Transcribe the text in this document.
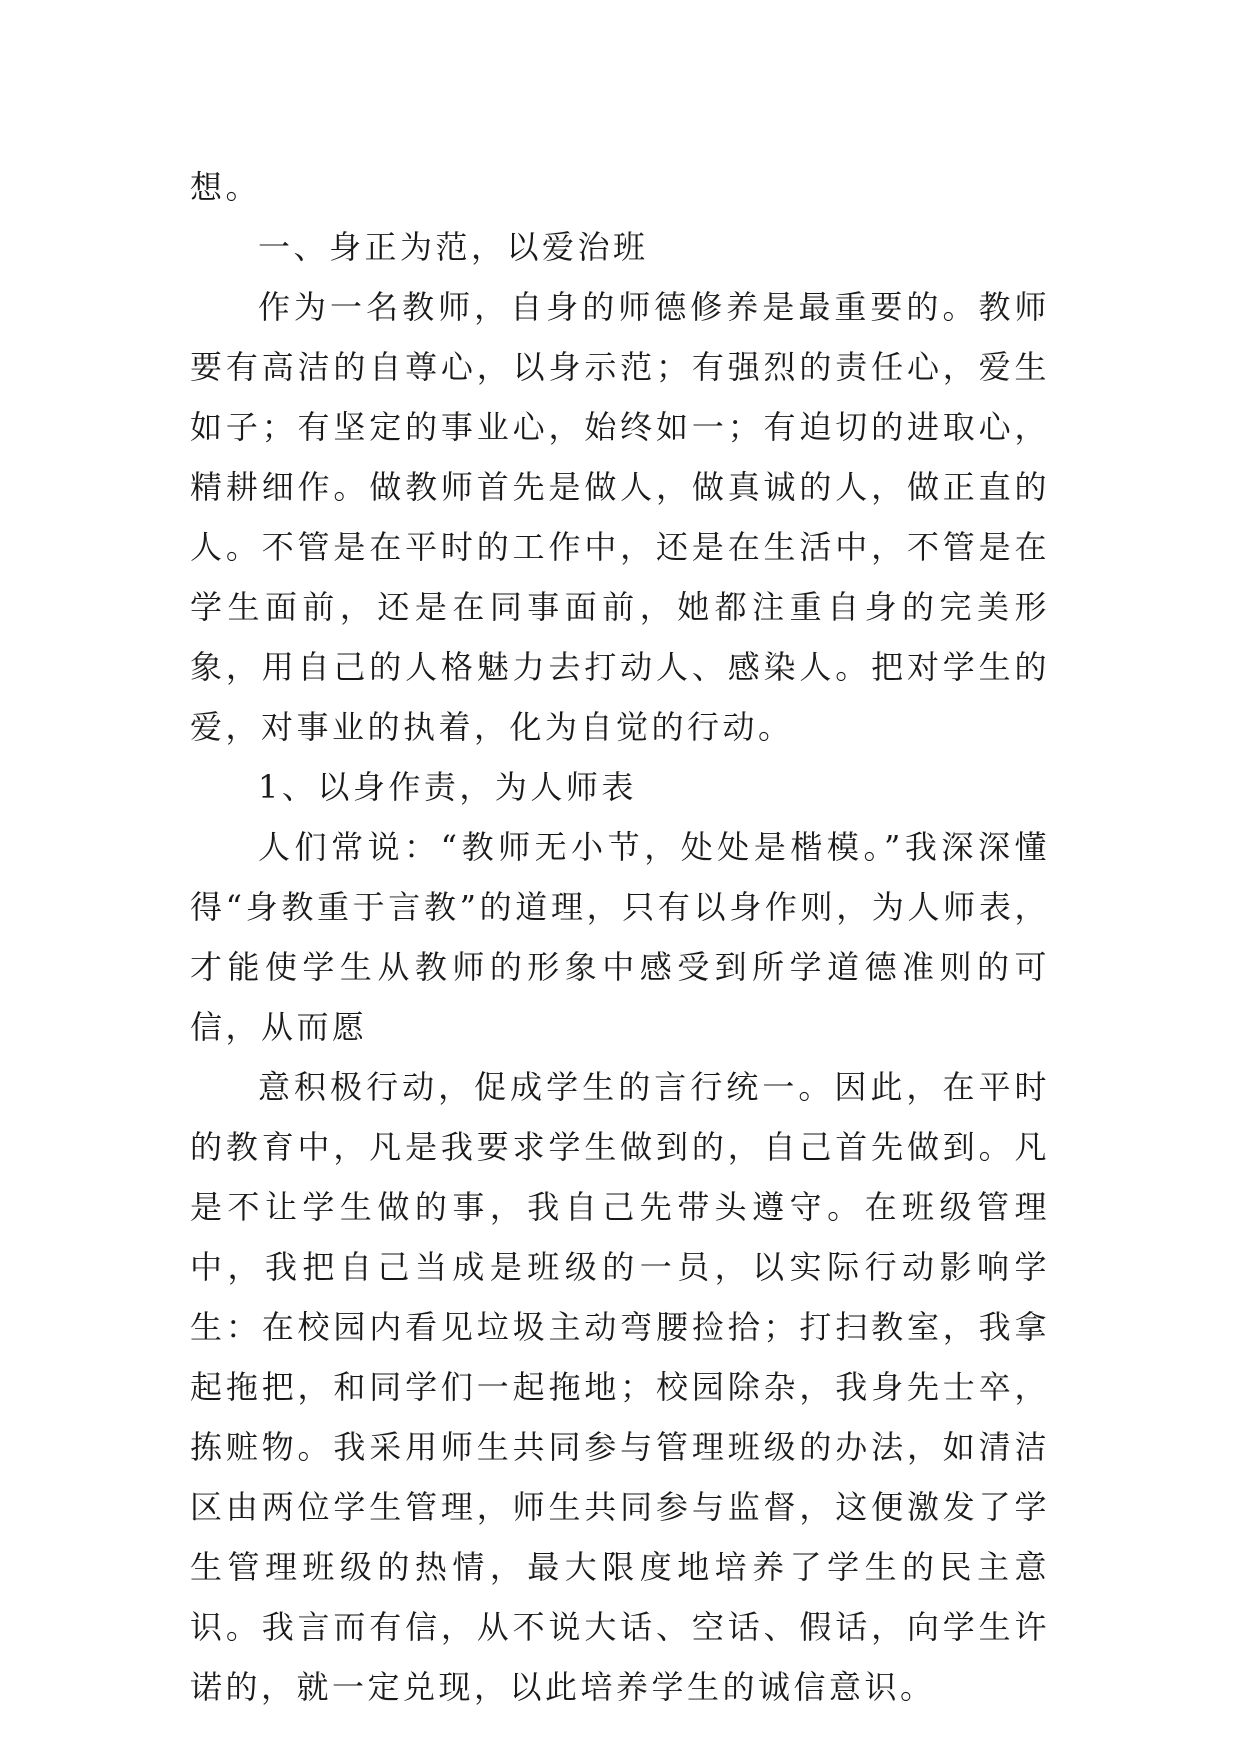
想。

一、身正为范，以爱治班

作为一名教师，自身的师德修养是最重要的。教师要有高洁的自尊心，以身示范；有强烈的责任心，爱生如子；有坚定的事业心，始终如一；有迫切的进取心，精耕细作。做教师首先是做人，做真诚的人，做正直的人。不管是在平时的工作中，还是在生活中，不管是在学生面前，还是在同事面前，她都注重自身的完美形象，用自己的人格魅力去打动人、感染人。把对学生的爱，对事业的执着，化为自觉的行动。

1、以身作责，为人师表

人们常说：“教师无小节，处处是楷模。”我深深懂得“身教重于言教”的道理，只有以身作则，为人师表，才能使学生从教师的形象中感受到所学道德准则的可信，从而愿

意积极行动，促成学生的言行统一。因此，在平时的教育中，凡是我要求学生做到的，自己首先做到。凡是不让学生做的事，我自己先带头遵守。在班级管理中，我把自己当成是班级的一员，以实际行动影响学生：在校园内看见垃圾主动弯腰捡拾；打扫教室，我拿起拖把，和同学们一起拖地；校园除杂，我身先士卒，拣赃物。我采用师生共同参与管理班级的办法，如清洁区由两位学生管理，师生共同参与监督，这便激发了学生管理班级的热情，最大限度地培养了学生的民主意识。我言而有信，从不说大话、空话、假话，向学生许诺的，就一定兑现，以此培养学生的诚信意识。
